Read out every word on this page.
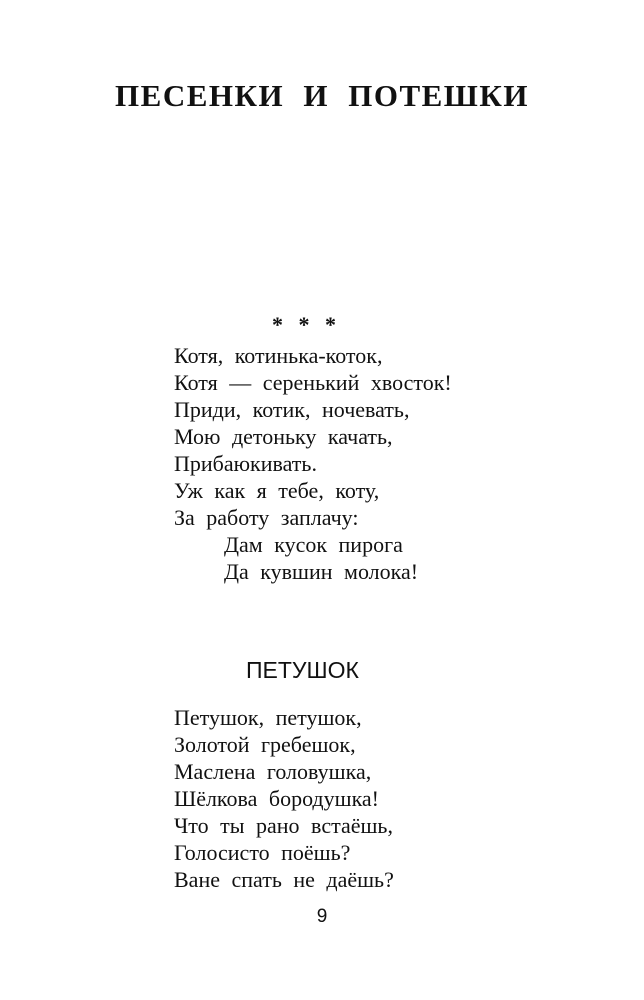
ПЕСЕНКИ И ПОТЕШКИ
* * *
Котя, котинька-коток,
Котя — серенький хвосток!
Приди, котик, ночевать,
Мою детоньку качать,
Прибаюкивать.
Уж как я тебе, коту,
За работу заплачу:
Дам кусок пирога
Да кувшин молока!
ПЕТУШОК
Петушок, петушок,
Золотой гребешок,
Маслена головушка,
Шёлкова бородушка!
Что ты рано встаёшь,
Голосисто поёшь?
Ване спать не даёшь?
9
